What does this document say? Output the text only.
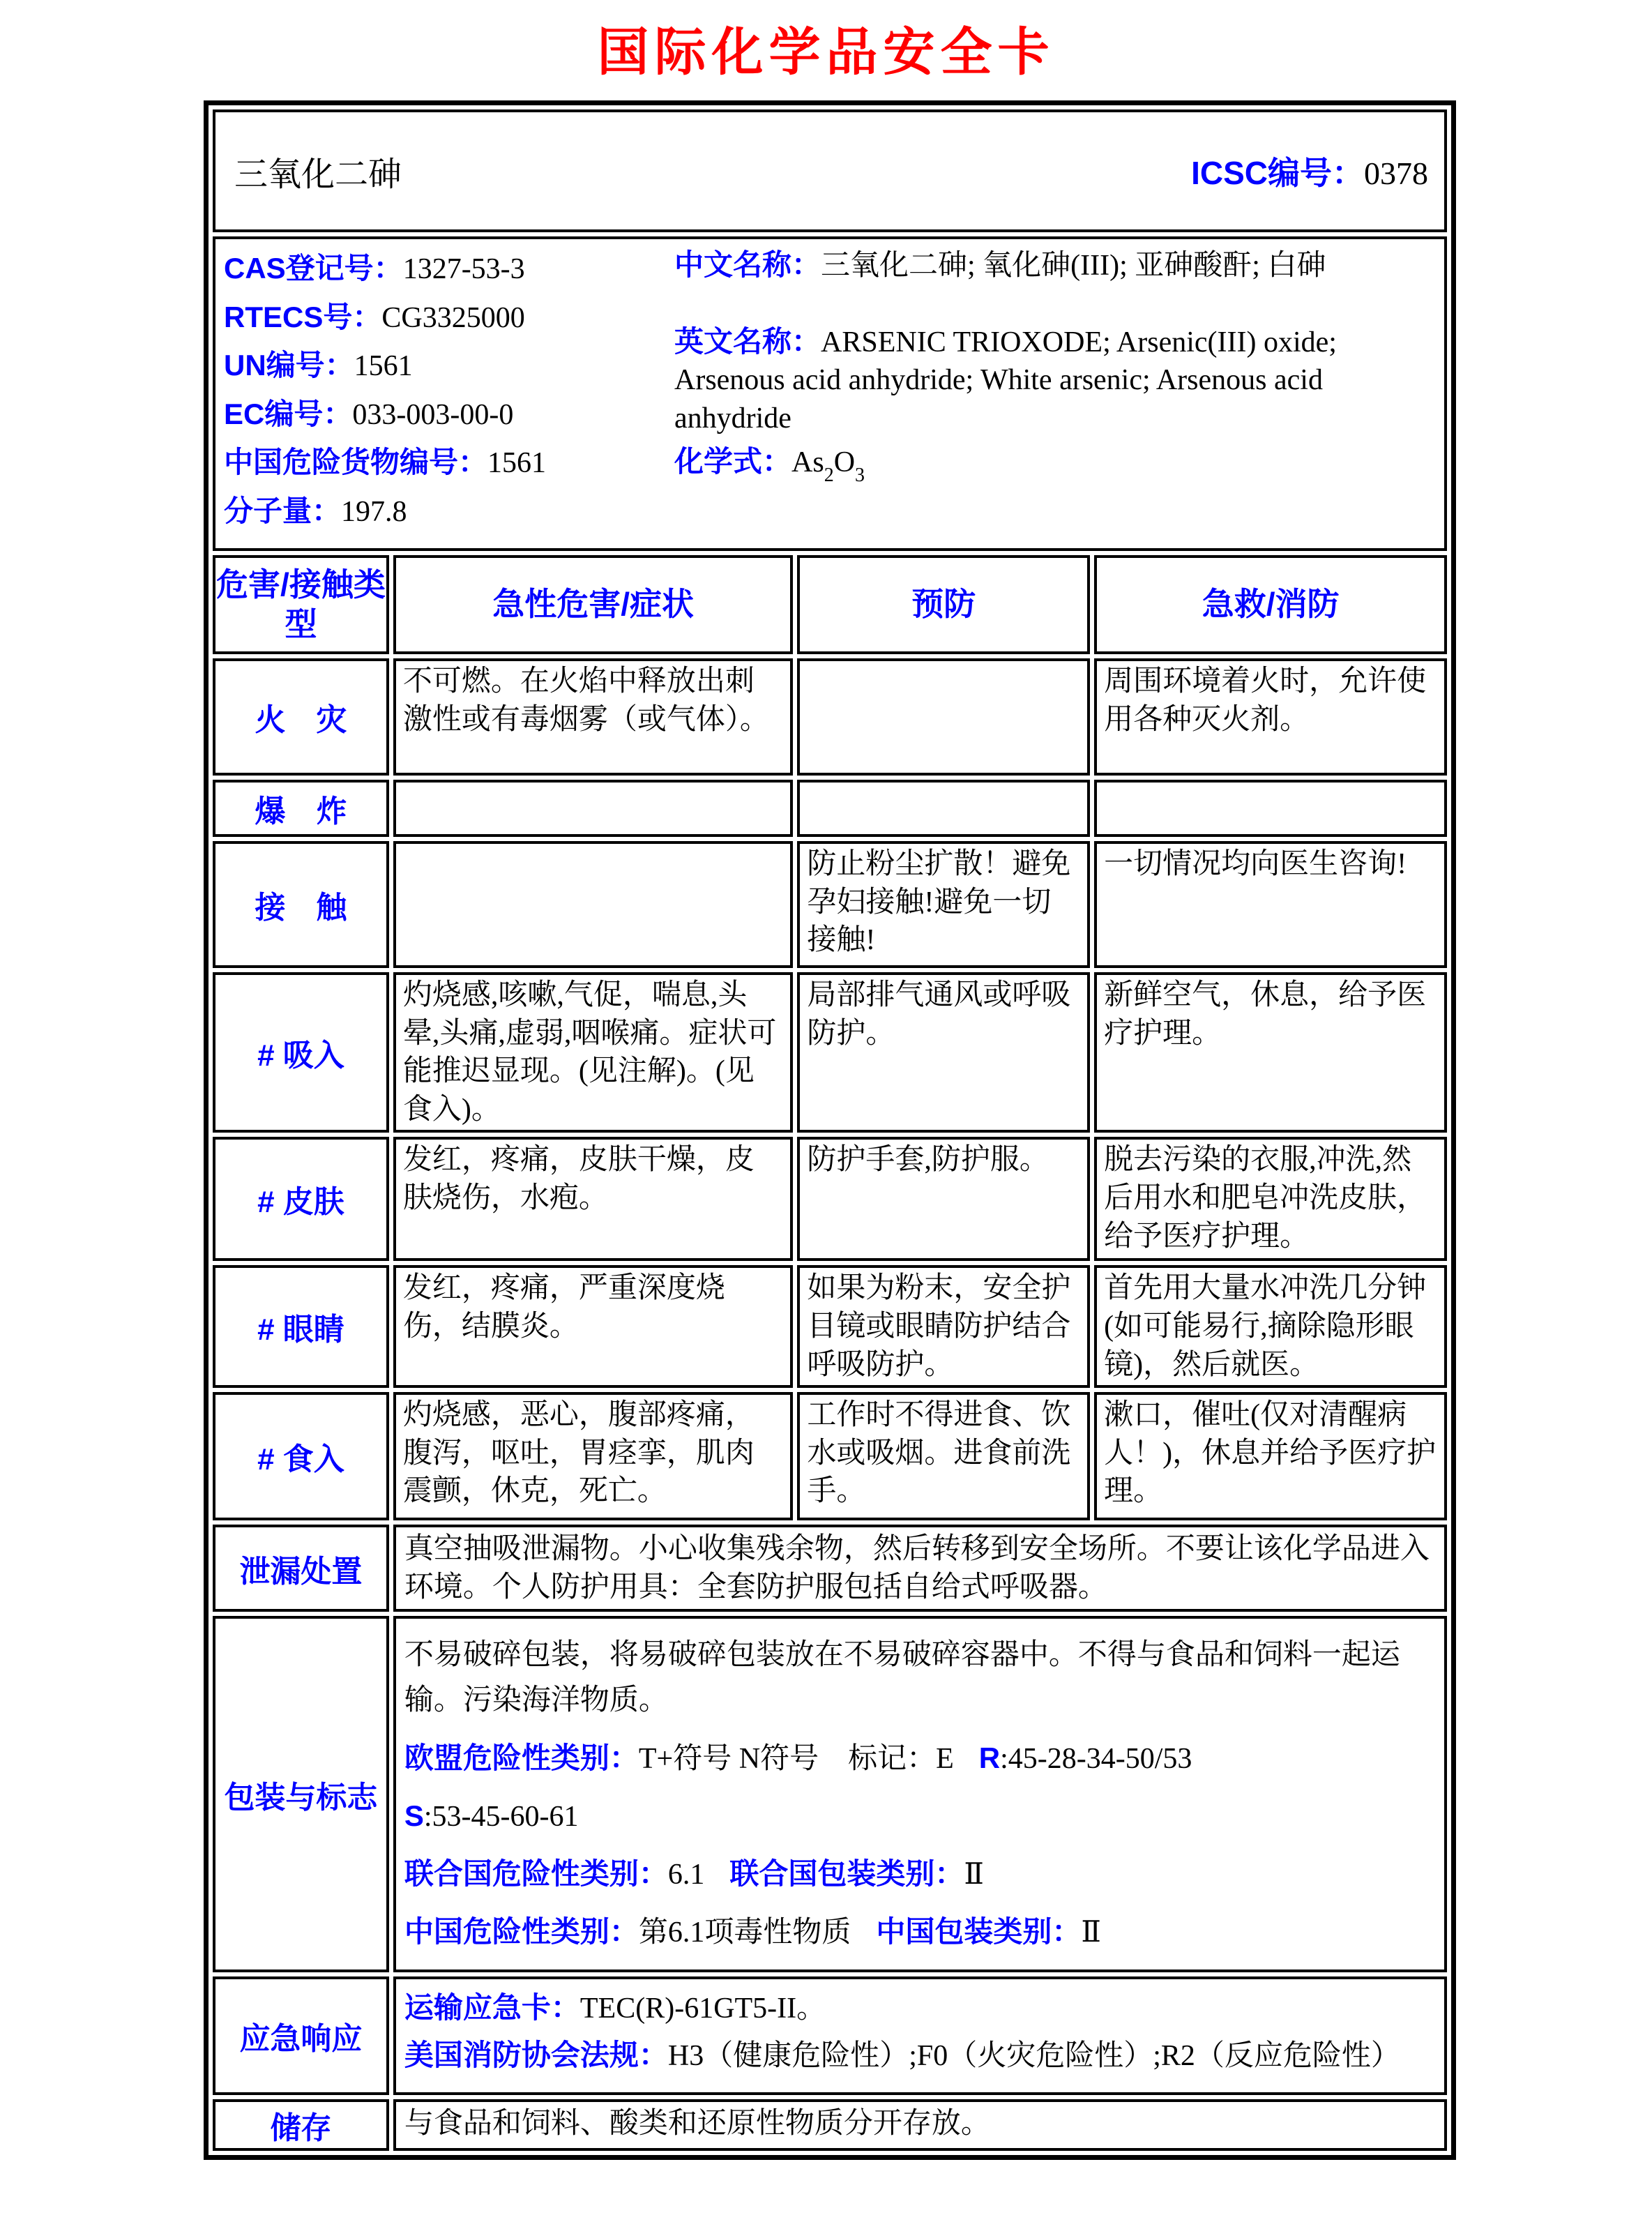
国际化学品安全卡
三氧化二砷 ICSC编号：0378			

CAS登记号：1327-53-3
RTECS号：CG3325000
UN编号：1561
EC编号：033-003-00-0
中国危险货物编号：1561
分子量：197.8
中文名称：三氧化二砷; 氧化砷(III); 亚砷酸酐; 白砷
英文名称：ARSENIC TRIOXODE; Arsenic(III) oxide; Arsenous acid anhydride; White arsenic; Arsenous acid anhydride
化学式：$As_2O_3$

危害/接触类型	急性危害/症状	预防	急救/消防
火　灾	不可燃。在火焰中释放出刺激性或有毒烟雾（或气体）。		周围环境着火时，允许使用各种灭火剂。
爆　炸			
接　触		防止粉尘扩散！避免孕妇接触!避免一切接触!	一切情况均向医生咨询!
# 吸入	灼烧感,咳嗽,气促，喘息,头晕,头痛,虚弱,咽喉痛。症状可能推迟显现。(见注解)。(见食入)。	局部排气通风或呼吸防护。	新鲜空气，休息，给予医疗护理。
# 皮肤	发红，疼痛，皮肤干燥，皮肤烧伤，水疱。	防护手套,防护服。	脱去污染的衣服,冲洗,然后用水和肥皂冲洗皮肤，给予医疗护理。
# 眼睛	发红，疼痛，严重深度烧伤，结膜炎。	如果为粉末，安全护目镜或眼睛防护结合呼吸防护。	首先用大量水冲洗几分钟(如可能易行,摘除隐形眼镜)，然后就医。
# 食入	灼烧感，恶心，腹部疼痛，腹泻，呕吐，胃痉挛，肌肉震颤，休克，死亡。	工作时不得进食、饮水或吸烟。进食前洗手。	漱口，催吐(仅对清醒病人！)，休息并给予医疗护理。
泄漏处置	真空抽吸泄漏物。小心收集残余物，然后转移到安全场所。不要让该化学品进入环境。个人防护用具：全套防护服包括自给式呼吸器。		
包装与标志	不易破碎包装，将易破碎包装放在不易破碎容器中。不得与食品和饲料一起运输。污染海洋物质。

欧盟危险性类别：T+符号 N符号　标记：E R:45-28-34-50/53

S:53-45-60-61

联合国危险性类别：6.1 联合国包装类别：Ⅱ

中国危险性类别：第6.1项毒性物质 中国包装类别：Ⅱ		

应急响应	运输应急卡：TEC(R)-61GT5-II。

美国消防协会法规：H3（健康危险性）;F0（火灾危险性）;R2（反应危险性）		

储存	与食品和饲料、酸类和还原性物质分开存放。		
